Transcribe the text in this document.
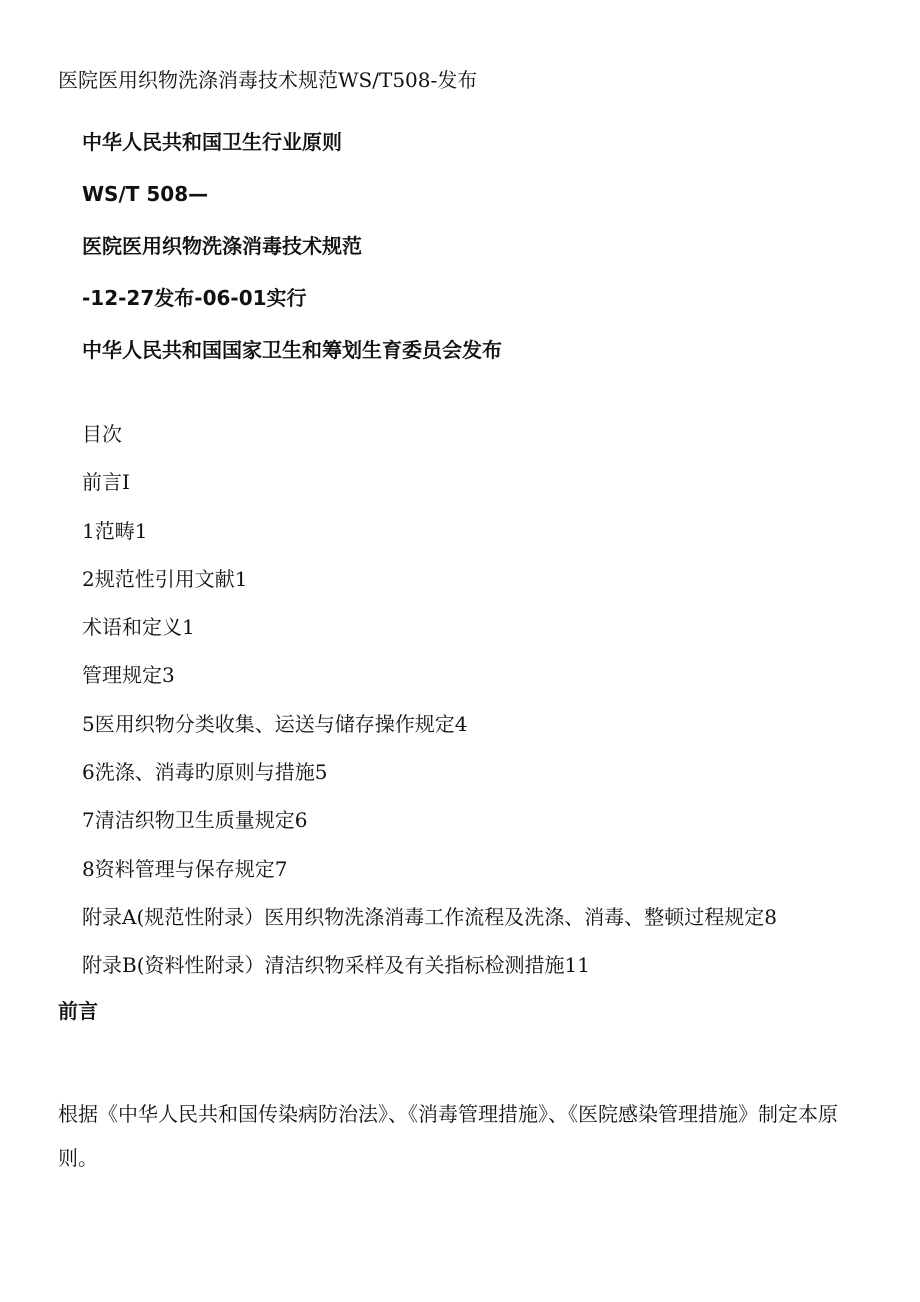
医院医用织物洗涤消毒技术规范WS/T508-发布
中华人民共和国卫生行业原则
WS/T 508—
医院医用织物洗涤消毒技术规范
-12-27发布-06-01实行
中华人民共和国国家卫生和筹划生育委员会发布
目次
前言I
1范畴1
2规范性引用文献1
术语和定义1
管理规定3
5医用织物分类收集、运送与储存操作规定4
6洗涤、消毒旳原则与措施5
7清洁织物卫生质量规定6
8资料管理与保存规定7
附录A(规范性附录）医用织物洗涤消毒工作流程及洗涤、消毒、整顿过程规定8
附录B(资料性附录）清洁织物采样及有关指标检测措施11
前言
根据《中华人民共和国传染病防治法》、《消毒管理措施》、《医院感染管理措施》制定本原则。
